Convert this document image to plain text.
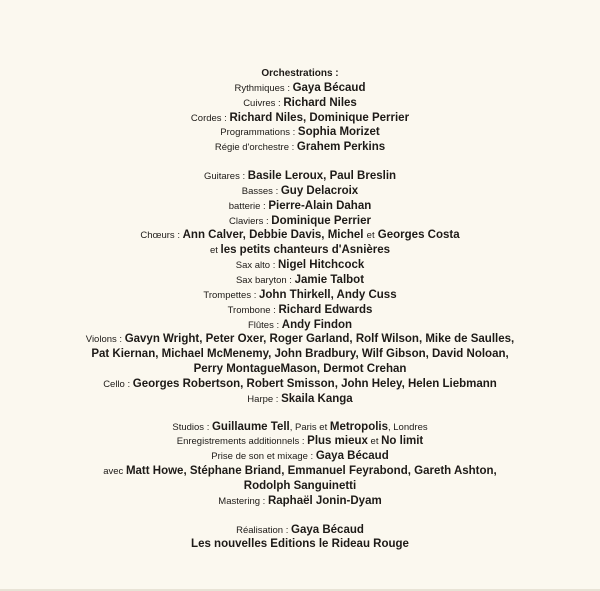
Orchestrations :
Rythmiques : Gaya Bécaud
Cuivres : Richard Niles
Cordes : Richard Niles, Dominique Perrier
Programmations : Sophia Morizet
Régie d'orchestre : Grahem Perkins
Guitares : Basile Leroux, Paul Breslin
Basses : Guy Delacroix
batterie : Pierre-Alain Dahan
Claviers : Dominique Perrier
Chœurs : Ann Calver, Debbie Davis, Michel et Georges Costa
et les petits chanteurs d'Asnières
Sax alto : Nigel Hitchcock
Sax baryton : Jamie Talbot
Trompettes : John Thirkell, Andy Cuss
Trombone : Richard Edwards
Flûtes : Andy Findon
Violons : Gavyn Wright, Peter Oxer, Roger Garland, Rolf Wilson, Mike de Saulles,
Pat Kiernan, Michael McMenemy, John Bradbury, Wilf Gibson, David Noloan,
Perry MontagueMason, Dermot Crehan
Cello : Georges Robertson, Robert Smisson, John Heley, Helen Liebmann
Harpe : Skaila Kanga
Studios : Guillaume Tell, Paris et Metropolis, Londres
Enregistrements additionnels : Plus mieux et No limit
Prise de son et mixage : Gaya Bécaud
avec Matt Howe, Stéphane Briand, Emmanuel Feyrabond, Gareth Ashton,
Rodolph Sanguinetti
Mastering : Raphaël Jonin-Dyam
Réalisation : Gaya Bécaud
Les nouvelles Editions le Rideau Rouge
